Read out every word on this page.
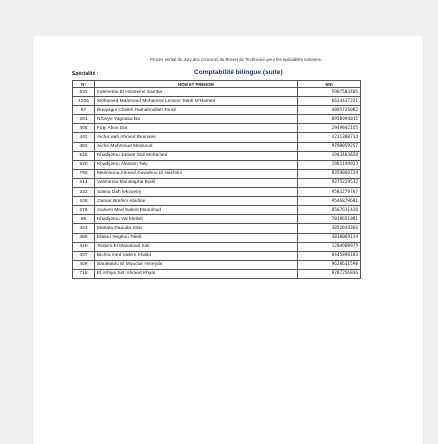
Procès verbal du Jury des concours du Brevet de Technicien pour les spécialités tertiaires.
Spécialité :	Comptabilité bilingue (suite)
N°	NOM ET PRENOM	NNI
633	Fatimetou El Houseine Samba	5907584405
1205	Mohamed Mahmoud Mohamed Lemine Taleb M'Hamed	6634437221
67	Bouyagui Cheikh Hamahoullah Touré	4095735082
281	N'Deye Yagouba Ba	0950994015
405	Faty Abou Dia	2949842155
442	Aicha wah Ahmed Bennane	1221300714
483	Aiche Mahmoud Messoud	9798059257
546	Khadijetou Jaavar Sidi Mohamed	1943403828
520	Khadijetou Alassen Taly	1981149923
793	Meimouna Ahmed Ouwahou El Hachimi	8359869729
214	Vatimetou Moustapha Boilil	9275229532
232	Salma Dah lekoueiry	9583279707
248	Oumar Brahim Abidine	9546879681
276	mariem Med Salem Maouloud	8567611426
86	Khadijetou Val Meiloh	7019651081
343	Mariata Daouda Sow	3852844366
486	Efatou Seghou Taleb	3838069114
420	Teslem El Maouloud Sidi	1204908975
437	Bichra med Salem Khalid	0445890183
409	Barakatou El Mouctar Hmeyda	9628611590
718	El Arbiya Sid 'Ahmed Khyar	9787256836
